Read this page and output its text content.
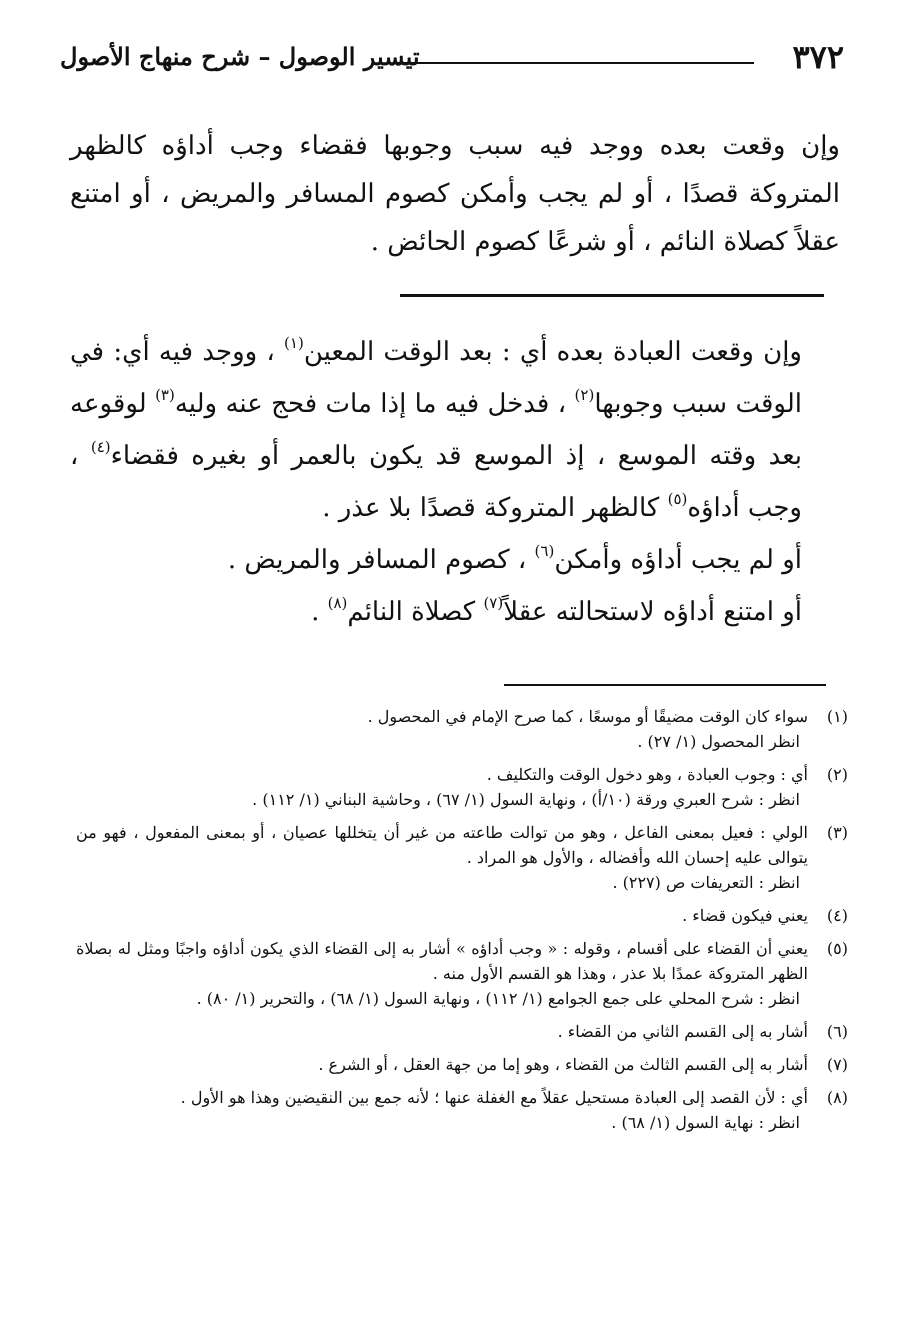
٣٧٢
تيسير الوصول – شرح منهاج الأصول
وإن وقعت بعده ووجد فيه سبب وجوبها فقضاء وجب أداؤه كالظهر المتروكة قصدًا ، أو لم يجب وأمكن كصوم المسافر والمريض ، أو امتنع عقلاً كصلاة النائم ، أو شرعًا كصوم الحائض .

وإن وقعت العبادة بعده أي : بعد الوقت المعين$^{(١)}$ ، ووجد فيه أي: في الوقت سبب وجوبها$^{(٢)}$ ، فدخل فيه ما إذا مات فحج عنه وليه$^{(٣)}$ لوقوعه بعد وقته الموسع ، إذ الموسع قد يكون بالعمر أو بغيره فقضاء$^{(٤)}$ ، وجب أداؤه$^{(٥)}$ كالظهر المتروكة قصدًا بلا عذر .

أو لم يجب أداؤه وأمكن$^{(٦)}$ ، كصوم المسافر والمريض .

أو امتنع أداؤه لاستحالته عقلاً$^{(٧)}$ كصلاة النائم$^{(٨)}$ .

(١)

سواء كان الوقت مضيقًا أو موسعًا ، كما صرح الإمام في المحصول .

انظر المحصول (١/ ٢٧) .

(٢)

أي : وجوب العبادة ، وهو دخول الوقت والتكليف .

انظر : شرح العبري ورقة (١٠/أ) ، ونهاية السول (١/ ٦٧) ، وحاشية البناني (١/ ١١٢) .

(٣)

الولي : فعيل بمعنى الفاعل ، وهو من توالت طاعته من غير أن يتخللها عصيان ، أو بمعنى المفعول ، فهو من يتوالى عليه إحسان الله وأفضاله ، والأول هو المراد .

انظر : التعريفات ص (٢٢٧) .

(٤)

يعني فيكون قضاء .

(٥)

يعني أن القضاء على أقسام ، وقوله : « وجب أداؤه » أشار به إلى القضاء الذي يكون أداؤه واجبًا ومثل له بصلاة الظهر المتروكة عمدًا بلا عذر ، وهذا هو القسم الأول منه .

انظر : شرح المحلي على جمع الجوامع (١/ ١١٢) ، ونهاية السول (١/ ٦٨) ، والتحرير (١/ ٨٠) .

(٦)

أشار به إلى القسم الثاني من القضاء .

(٧)

أشار به إلى القسم الثالث من القضاء ، وهو إما من جهة العقل ، أو الشرع .

(٨)

أي : لأن القصد إلى العبادة مستحيل عقلاً مع الغفلة عنها ؛ لأنه جمع بين النقيضين وهذا هو الأول .

انظر : نهاية السول (١/ ٦٨) .
